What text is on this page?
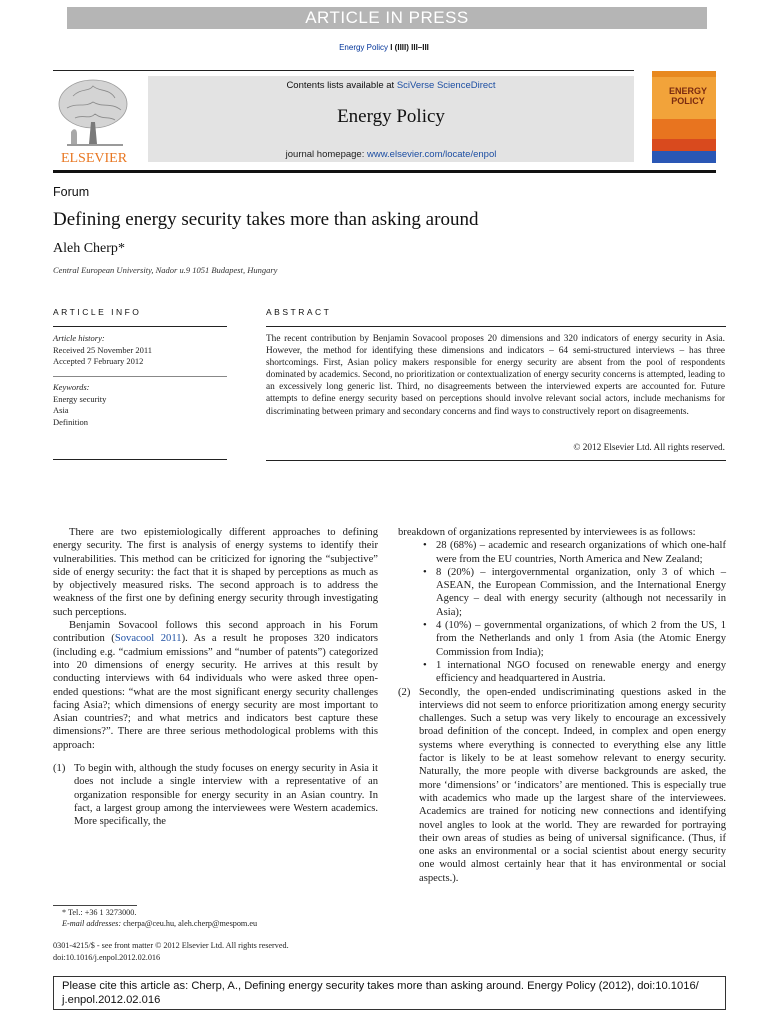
ARTICLE IN PRESS
Energy Policy I (IIII) III–III
ELSEVIER
Contents lists available at SciVerse ScienceDirect
Energy Policy
journal homepage: www.elsevier.com/locate/enpol
ENERGY
POLICY
Forum
Defining energy security takes more than asking around
Aleh Cherp*
Central European University, Nador u.9 1051 Budapest, Hungary
ARTICLE INFO
Article history:
Received 25 November 2011
Accepted 7 February 2012
Keywords:
Energy security
Asia
Definition
ABSTRACT
The recent contribution by Benjamin Sovacool proposes 20 dimensions and 320 indicators of energy security in Asia. However, the method for identifying these dimensions and indicators – 64 semi-structured interviews – has three shortcomings. First, Asian policy makers responsible for energy security are absent from the pool of respondents dominated by academics. Second, no prioritization or contextualization of energy security concerns is attempted, leading to an excessively long generic list. Third, no disagreements between the interviewed experts are accounted for. Future attempts to define energy security based on perceptions should involve relevant social actors, include mechanisms for discriminating between primary and secondary concerns and find ways to constructively report on disagreements.
© 2012 Elsevier Ltd. All rights reserved.

There are two epistemiologically different approaches to defining energy security. The first is analysis of energy systems to identify their vulnerabilities. This method can be criticized for ignoring the “subjective” side of energy security: the fact that it is shaped by perceptions as much as by objectively measured risks. The second approach is to address the weakness of the first one by defining energy security through investigating such perceptions.

Benjamin Sovacool follows this second approach in his Forum contribution (Sovacool 2011). As a result he proposes 320 indicators (including e.g. “cadmium emissions” and “number of patents”) categorized into 20 dimensions of energy security. He arrives at this result by conducting interviews with 64 individuals who were asked three open-ended questions: “what are the most significant energy security challenges facing Asia?; which dimensions of energy security are most important to Asian countries?; and what metrics and indicators best capture these dimensions?”. There are three serious methodological problems with this approach:

(1) To begin with, although the study focuses on energy security in Asia it does not include a single interview with a representative of an organization responsible for energy security in an Asian country. In fact, a largest group among the interviewees were Western academics. More specifically, the

breakdown of organizations represented by interviewees is as follows:

• 28 (68%) – academic and research organizations of which one-half were from the EU countries, North America and New Zealand;
• 8 (20%) – intergovernmental organization, only 3 of which – ASEAN, the European Commission, and the International Energy Agency – deal with energy security (although not necessarily in Asia);
• 4 (10%) – governmental organizations, of which 2 from the US, 1 from the Netherlands and only 1 from Asia (the Atomic Energy Commission from India);
• 1 international NGO focused on renewable energy and energy efficiency and headquartered in Austria.
(2) Secondly, the open-ended undiscriminating questions asked in the interviews did not seem to enforce prioritization among energy security challenges. Such a setup was very likely to encourage an excessively broad definition of the concept. Indeed, in complex and open energy systems where everything is connected to everything else any little factor is likely to be at least somehow relevant to energy security. Naturally, the more people with diverse backgrounds are asked, the more ‘dimensions’ or ‘indicators’ are mentioned. This is especially true with academics who made up the largest share of the interviewees. Academics are trained for noticing new connections and identifying novel angles to look at the world. They are rewarded for portraying their own areas of studies as being of universal significance. (Thus, if one asks an environmental or a social scientist about energy security one would almost certainly hear that it has environmental or social aspects.).
* Tel.: +36 1 3273000.
E-mail addresses: cherpa@ceu.hu, aleh.cherp@mespom.eu
0301-4215/$ - see front matter © 2012 Elsevier Ltd. All rights reserved.
doi:10.1016/j.enpol.2012.02.016
Please cite this article as: Cherp, A., Defining energy security takes more than asking around. Energy Policy (2012), doi:10.1016/ j.enpol.2012.02.016
